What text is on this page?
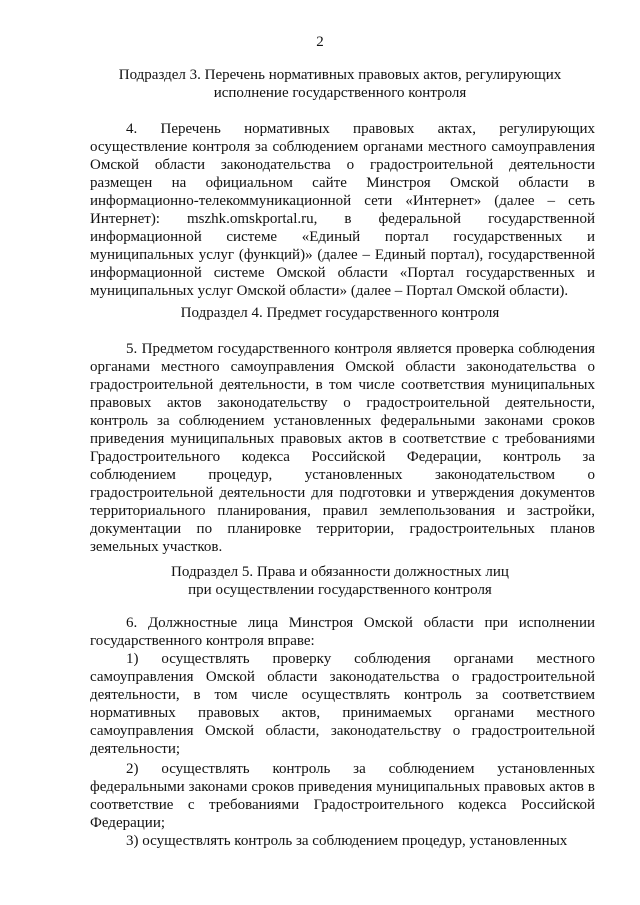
2
Подраздел 3. Перечень нормативных правовых актов, регулирующих исполнение государственного контроля

4. Перечень нормативных правовых актах, регулирующих осуществление контроля за соблюдением органами местного самоуправления Омской области законодательства о градостроительной деятельности размещен на официальном сайте Минстроя Омской области в информационно-телекоммуникационной сети «Интернет» (далее – сеть Интернет): mszhk.omskportal.ru, в федеральной государственной информационной системе «Единый портал государственных и муниципальных услуг (функций)» (далее – Единый портал), государственной информационной системе Омской области «Портал государственных и муниципальных услуг Омской области» (далее – Портал Омской области).

Подраздел 4. Предмет государственного контроля

5. Предметом государственного контроля является проверка соблюдения органами местного самоуправления Омской области законодательства о градостроительной деятельности, в том числе соответствия муниципальных правовых актов законодательству о градостроительной деятельности, контроль за соблюдением установленных федеральными законами сроков приведения муниципальных правовых актов в соответствие с требованиями Градостроительного кодекса Российской Федерации, контроль за соблюдением процедур, установленных законодательством о градостроительной деятельности для подготовки и утверждения документов территориального планирования, правил землепользования и застройки, документации по планировке территории, градостроительных планов земельных участков.

Подраздел 5. Права и обязанности должностных лиц
при осуществлении государственного контроля

6. Должностные лица Минстроя Омской области при исполнении государственного контроля вправе:

1) осуществлять проверку соблюдения органами местного самоуправления Омской области законодательства о градостроительной деятельности, в том числе осуществлять контроль за соответствием нормативных правовых актов, принимаемых органами местного самоуправления Омской области, законодательству о градостроительной деятельности;

2) осуществлять контроль за соблюдением установленных федеральными законами сроков приведения муниципальных правовых актов в соответствие с требованиями Градостроительного кодекса Российской Федерации;

3) осуществлять контроль за соблюдением процедур, установленных
